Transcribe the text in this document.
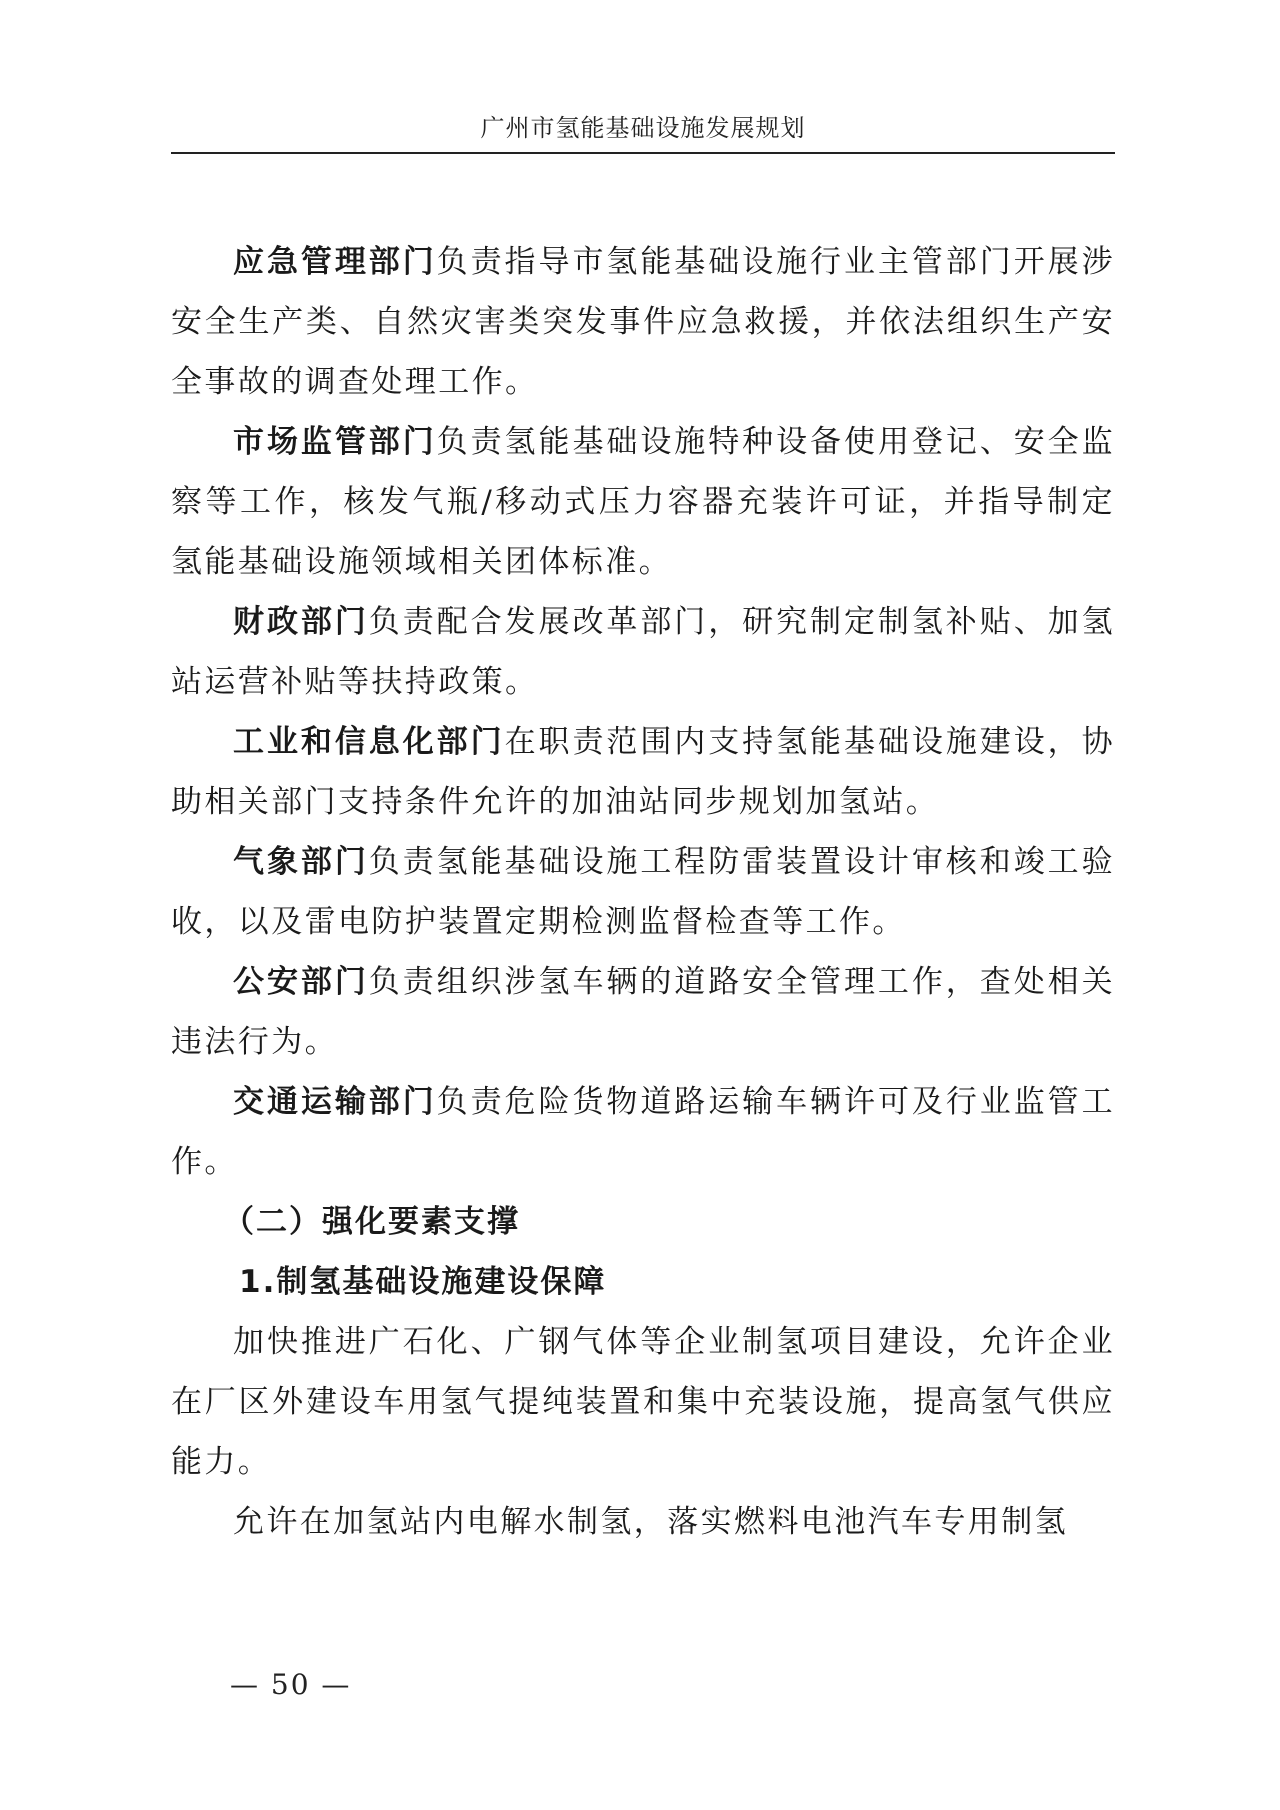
广州市氢能基础设施发展规划

应急管理部门负责指导市氢能基础设施行业主管部门开展涉安全生产类、自然灾害类突发事件应急救援，并依法组织生产安全事故的调查处理工作。

市场监管部门负责氢能基础设施特种设备使用登记、安全监察等工作，核发气瓶/移动式压力容器充装许可证，并指导制定氢能基础设施领域相关团体标准。

财政部门负责配合发展改革部门，研究制定制氢补贴、加氢站运营补贴等扶持政策。

工业和信息化部门在职责范围内支持氢能基础设施建设，协助相关部门支持条件允许的加油站同步规划加氢站。

气象部门负责氢能基础设施工程防雷装置设计审核和竣工验收，以及雷电防护装置定期检测监督检查等工作。

公安部门负责组织涉氢车辆的道路安全管理工作，查处相关违法行为。

交通运输部门负责危险货物道路运输车辆许可及行业监管工作。

（二）强化要素支撑

1.制氢基础设施建设保障

加快推进广石化、广钢气体等企业制氢项目建设，允许企业在厂区外建设车用氢气提纯装置和集中充装设施，提高氢气供应能力。

允许在加氢站内电解水制氢，落实燃料电池汽车专用制氢

— 50 —
